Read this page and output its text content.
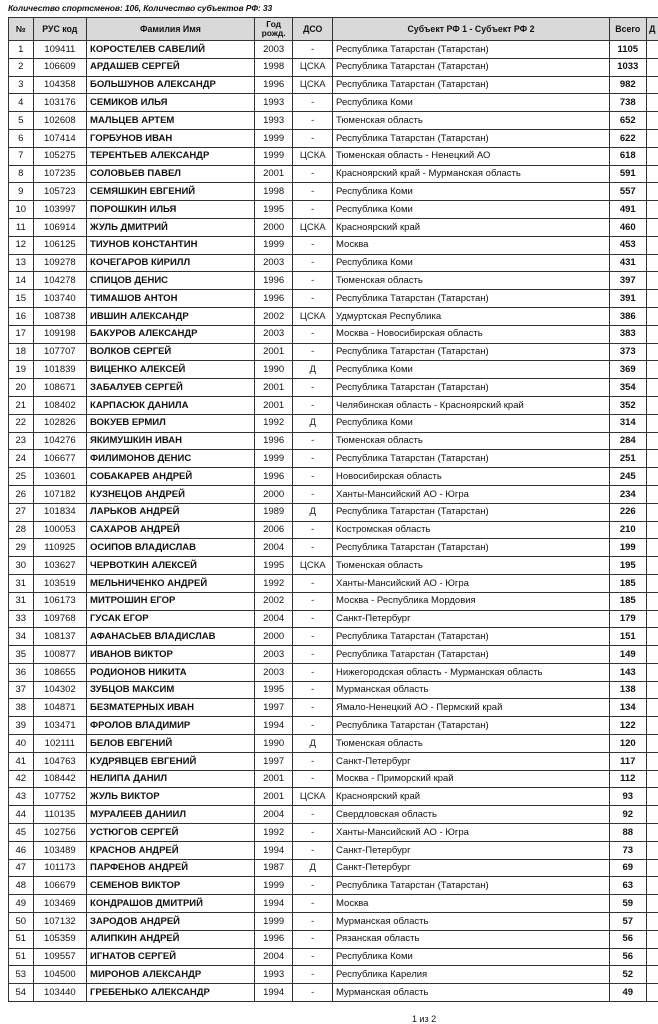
Количество спортсменов: 106, Количество субъектов РФ: 33
№	РУС код	Фамилия Имя	Год рожд.	ДСО	Субъект РФ 1 - Субъект РФ 2	Всего	Д
1	109411	КОРОСТЕЛЕВ САВЕЛИЙ	2003	-	Республика Татарстан (Татарстан)	1105	
2	106609	АРДАШЕВ СЕРГЕЙ	1998	ЦСКА	Республика Татарстан (Татарстан)	1033	
3	104358	БОЛЬШУНОВ АЛЕКСАНДР	1996	ЦСКА	Республика Татарстан (Татарстан)	982	
4	103176	СЕМИКОВ ИЛЬЯ	1993	-	Республика Коми	738	
5	102608	МАЛЬЦЕВ АРТЕМ	1993	-	Тюменская область	652	
6	107414	ГОРБУНОВ ИВАН	1999	-	Республика Татарстан (Татарстан)	622	
7	105275	ТЕРЕНТЬЕВ АЛЕКСАНДР	1999	ЦСКА	Тюменская область - Ненецкий АО	618	
8	107235	СОЛОВЬЕВ ПАВЕЛ	2001	-	Красноярский край - Мурманская область	591	
9	105723	СЕМЯШКИН ЕВГЕНИЙ	1998	-	Республика Коми	557	
10	103997	ПОРОШКИН ИЛЬЯ	1995	-	Республика Коми	491	
11	106914	ЖУЛЬ ДМИТРИЙ	2000	ЦСКА	Красноярский край	460	
12	106125	ТИУНОВ КОНСТАНТИН	1999	-	Москва	453	
13	109278	КОЧЕГАРОВ КИРИЛЛ	2003	-	Республика Коми	431	
14	104278	СПИЦОВ ДЕНИС	1996	-	Тюменская область	397	
15	103740	ТИМАШОВ АНТОН	1996	-	Республика Татарстан (Татарстан)	391	
16	108738	ИВШИН АЛЕКСАНДР	2002	ЦСКА	Удмуртская Республика	386	
17	109198	БАКУРОВ АЛЕКСАНДР	2003	-	Москва - Новосибирская область	383	
18	107707	ВОЛКОВ СЕРГЕЙ	2001	-	Республика Татарстан (Татарстан)	373	
19	101839	ВИЦЕНКО АЛЕКСЕЙ	1990	Д	Республика Коми	369	
20	108671	ЗАБАЛУЕВ СЕРГЕЙ	2001	-	Республика Татарстан (Татарстан)	354	
21	108402	КАРПАСЮК ДАНИЛА	2001	-	Челябинская область - Красноярский край	352	
22	102826	ВОКУЕВ ЕРМИЛ	1992	Д	Республика Коми	314	
23	104276	ЯКИМУШКИН ИВАН	1996	-	Тюменская область	284	
24	106677	ФИЛИМОНОВ ДЕНИС	1999	-	Республика Татарстан (Татарстан)	251	
25	103601	СОБАКАРЕВ АНДРЕЙ	1996	-	Новосибирская область	245	
26	107182	КУЗНЕЦОВ АНДРЕЙ	2000	-	Ханты-Мансийский АО - Югра	234	
27	101834	ЛАРЬКОВ АНДРЕЙ	1989	Д	Республика Татарстан (Татарстан)	226	
28	100053	САХАРОВ АНДРЕЙ	2006	-	Костромская область	210	
29	110925	ОСИПОВ ВЛАДИСЛАВ	2004	-	Республика Татарстан (Татарстан)	199	
30	103627	ЧЕРВОТКИН АЛЕКСЕЙ	1995	ЦСКА	Тюменская область	195	
31	103519	МЕЛЬНИЧЕНКО АНДРЕЙ	1992	-	Ханты-Мансийский АО - Югра	185	
31	106173	МИТРОШИН ЕГОР	2002	-	Москва - Республика Мордовия	185	
33	109768	ГУСАК ЕГОР	2004	-	Санкт-Петербург	179	
34	108137	АФАНАСЬЕВ ВЛАДИСЛАВ	2000	-	Республика Татарстан (Татарстан)	151	
35	100877	ИВАНОВ ВИКТОР	2003	-	Республика Татарстан (Татарстан)	149	
36	108655	РОДИОНОВ НИКИТА	2003	-	Нижегородская область - Мурманская область	143	
37	104302	ЗУБЦОВ МАКСИМ	1995	-	Мурманская область	138	
38	104871	БЕЗМАТЕРНЫХ ИВАН	1997	-	Ямало-Ненецкий АО - Пермский край	134	
39	103471	ФРОЛОВ ВЛАДИМИР	1994	-	Республика Татарстан (Татарстан)	122	
40	102111	БЕЛОВ ЕВГЕНИЙ	1990	Д	Тюменская область	120	
41	104763	КУДРЯВЦЕВ ЕВГЕНИЙ	1997	-	Санкт-Петербург	117	
42	108442	НЕЛИПА ДАНИЛ	2001	-	Москва - Приморский край	112	
43	107752	ЖУЛЬ ВИКТОР	2001	ЦСКА	Красноярский край	93	
44	110135	МУРАЛЕЕВ ДАНИИЛ	2004	-	Свердловская область	92	
45	102756	УСТЮГОВ СЕРГЕЙ	1992	-	Ханты-Мансийский АО - Югра	88	
46	103489	КРАСНОВ АНДРЕЙ	1994	-	Санкт-Петербург	73	
47	101173	ПАРФЕНОВ АНДРЕЙ	1987	Д	Санкт-Петербург	69	
48	106679	СЕМЕНОВ ВИКТОР	1999	-	Республика Татарстан (Татарстан)	63	
49	103469	КОНДРАШОВ ДМИТРИЙ	1994	-	Москва	59	
50	107132	ЗАРОДОВ АНДРЕЙ	1999	-	Мурманская область	57	
51	105359	АЛИПКИН АНДРЕЙ	1996	-	Рязанская область	56	
51	109557	ИГНАТОВ СЕРГЕЙ	2004	-	Республика Коми	56	
53	104500	МИРОНОВ АЛЕКСАНДР	1993	-	Республика Карелия	52	
54	103440	ГРЕБЕНЬКО АЛЕКСАНДР	1994	-	Мурманская область	49	
1 из 2
